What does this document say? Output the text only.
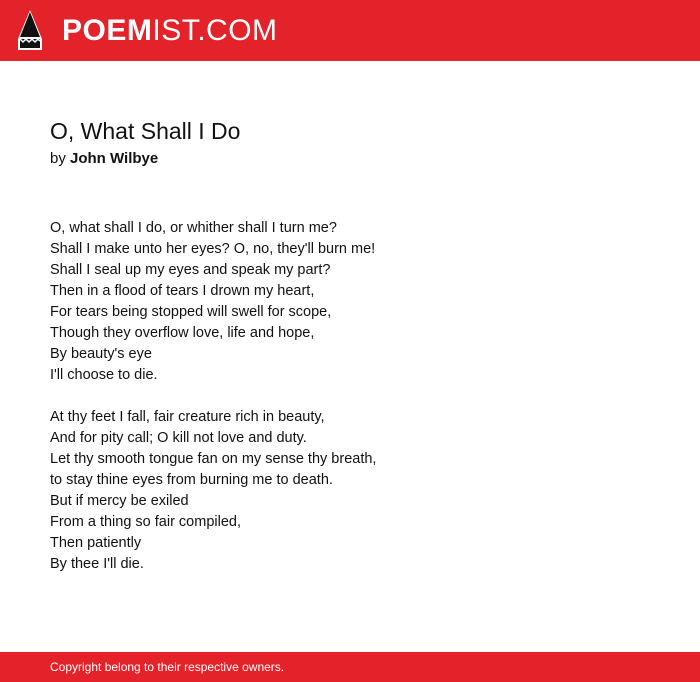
POEMIST.COM
O, What Shall I Do
by John Wilbye
O, what shall I do, or whither shall I turn me?
Shall I make unto her eyes? O, no, they'll burn me!
Shall I seal up my eyes and speak my part?
Then in a flood of tears I drown my heart,
For tears being stopped will swell for scope,
Though they overflow love, life and hope,
By beauty's eye
I'll choose to die.
At thy feet I fall, fair creature rich in beauty,
And for pity call; O kill not love and duty.
Let thy smooth tongue fan on my sense thy breath,
to stay thine eyes from burning me to death.
But if mercy be exiled
From a thing so fair compiled,
Then patiently
By thee I'll die.
Copyright belong to their respective owners.
